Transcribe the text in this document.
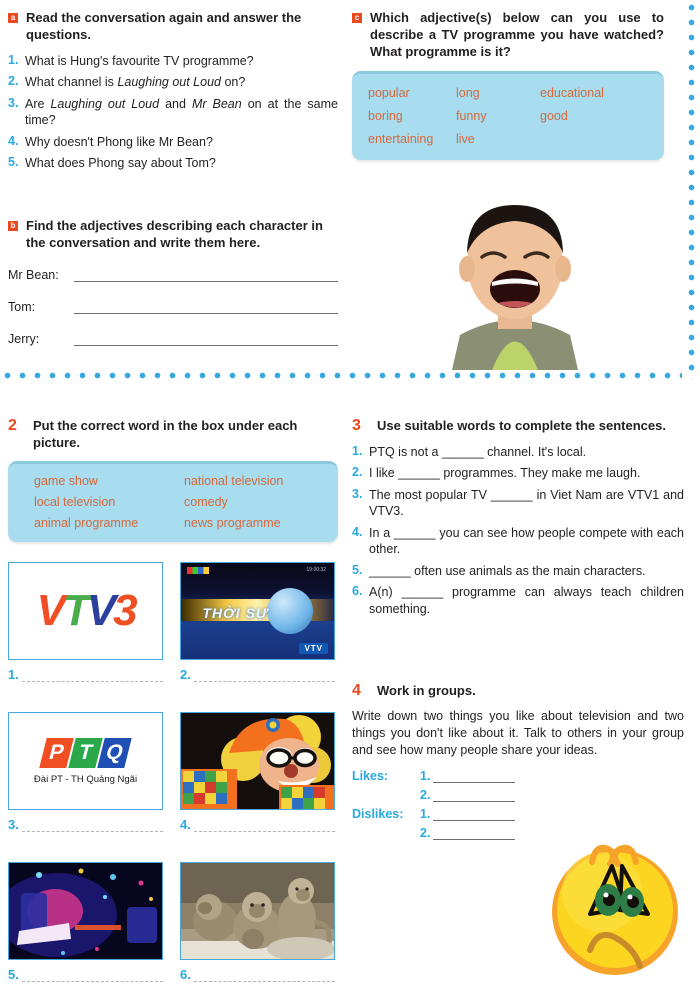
a Read the conversation again and answer the questions.
1. What is Hung's favourite TV programme?
2. What channel is Laughing out Loud on?
3. Are Laughing out Loud and Mr Bean on at the same time?
4. Why doesn't Phong like Mr Bean?
5. What does Phong say about Tom?
b Find the adjectives describing each character in the conversation and write them here.
Mr Bean:
Tom:
Jerry:
c Which adjective(s) below can you use to describe a TV programme you have watched? What programme is it?
popular	long	educational
boring	funny	good
entertaining	live
2	Put the correct word in the box under each picture.
game show	national television
local television	comedy
animal programme	news programme
V T V 3
1.
19:00:32
THỜI SỰ
VTV
2.
P T Q
Đài PT - TH Quảng Ngãi
3.	4.
5.	6.
3	Use suitable words to complete the sentences.
1. PTQ is not a ______ channel. It's local.
2. I like ______ programmes. They make me laugh.
3. The most popular TV ______ in Viet Nam are VTV1 and VTV3.
4. In a ______ you can see how people compete with each other.
5. ______ often use animals as the main characters.
6. A(n) ______ programme can always teach children something.
4	Work in groups.
Write down two things you like about television and two things you don't like about it. Talk to others in your group and see how many people share your ideas.
Likes:	1.
2.
Dislikes:	1.
2.
